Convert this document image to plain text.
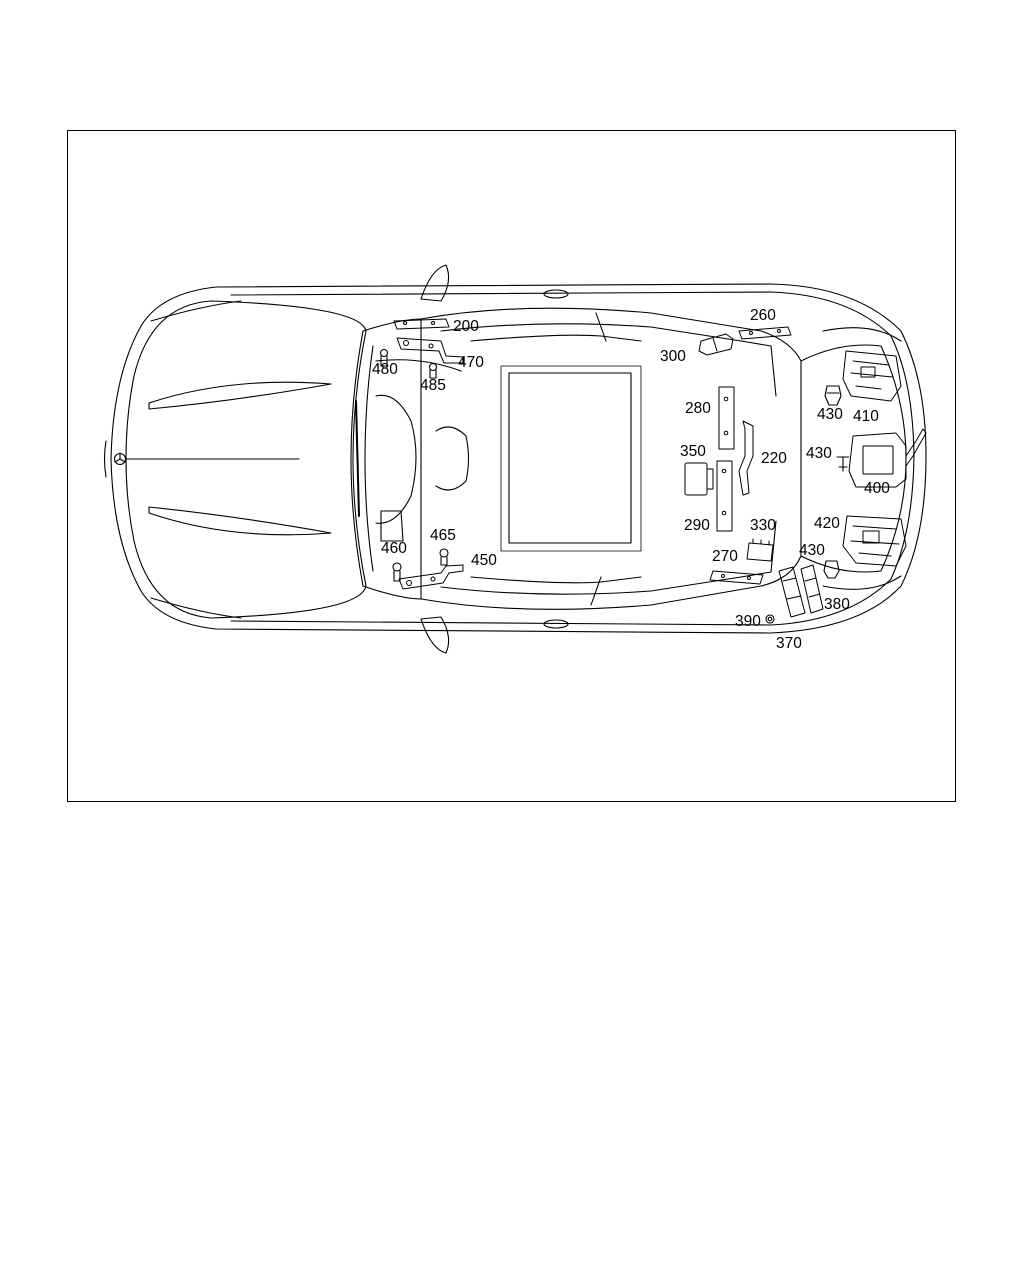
200
260
300
470
480
485
280
220
350
290	330
270
430 410
430
400
420
430
380
390
370
460
465
450
